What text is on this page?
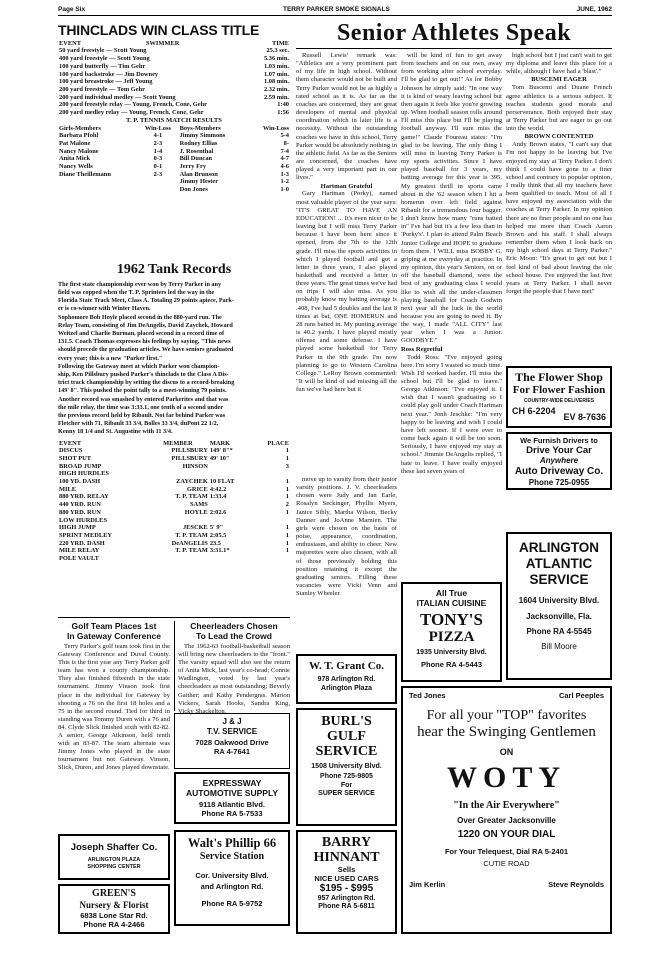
Page Six	TERRY PARKER SMOKE SIGNALS	JUNE, 1962
THINCLADS WIN CLASS TITLE
EVENT	SWIMMER	TIME
50 yard freestyle — Scott Young		25.3 sec.
400 yard freestyle — Scott Young		5.36 min.
100 yard butterfly — Tim Gehr		1.03 min.
100 yard backstroke — Jim Downey		1.07 min.
100 yard breastroke — Jeff Young		1.08 min.
200 yard freestyle — Tom Gehr		2.32 min.
200 yard individual medley — Scott Young		2.59 min.
200 yard freestyle relay — Young, French, Cone, Gehr		1:40
200 yard medley relay — Young, French, Cone, Gehr		1:56
T. P. TENNIS MATCH RESULTS
Girls-Members	Win-Loss	Boys-Members	Win-Loss
Barbara Pfohl	4-1	Jimmy Simmons	5-4
Pat Malone	2-3	Rodney Ellias	8-
Nancy Malone	1-4	J. Rosenthal	7-4
Anita Mick	0-3	Bill Duncan	4-7
Nancy Wells	0-1	Jerry Fry	4-6
Diane Theillemann	2-3	Alan Brunson	1-3
		Jimmy Hester	1-2
		Don Jones	1-0
1962 Tank Records
The first state championship ever won by Terry Parker in any
field was copped when the T. P. Sprinters led the way in the
Florida State Track Meet, Class A. Totaling 29 points apiece, Park-
er is co-winner with Winter Haven.
Sophomore Bob Hoyle placed second in the 880-yard run. The
Relay Team, consisting of Jim DeAngelis, David Zaychek, Howard
Weitzel and Charlie Burman, placed second in a record time of
131.5. Coach Thomas expresses his feelings by saying, "This news
should precede the graduation articles. We have seniors graduated
every year; this is a new "Parker first."
Following the Gateway meet at which Parker won champion-
ship, Ken Pillsbury pushed Parker's thinclads to the Class A Dis-
trict track championship by setting the discus to a record-breaking
149' 8". This pushed the point tally to a meet-winning 79 points.
Another record was smashed by entered Parkerites and that was
the mile relay, the time was 3:33.1, one tenth of a second under
the previous record held by Ribault. Not far behind Parker was
Fletcher with 71, Ribault 33 3/4, Bolles 33 3/4, duPont 22 1/2,
Kenny 18 1/4 and St. Augustine with 11 3/4.
EVENT	MEMBER	MARK	PLACE
DISCUS	PILLSBURY	149' 8"*	1
SHOT PUT	PILLSBURY	49' 10"	1
BROAD JUMP	HINSON		3
HIGH HURDLES			
100 YD. DASH	ZAYCHEK	10 FLAT	1
MILE	GRICE	4:42.2	1
880 YRD. RELAY	T. P. TEAM	1:33.4	1
440 YRD. RUN	SAMS		2
880 YRD. RUN	HOYLE	2:02.6	1
LOW HURDLES			
HIGH JUMP	JESCKE	5' 9"	1
SPRINT MEDLEY	T. P. TEAM	2:05.5	1
220 YRD. DASH	DeANGELIS	23.5	1
MILE RELAY	T. P. TEAM	3:31.1*	1
POLE VAULT			
Golf Team Places 1st
In Gateway Conference
Terry Parker's golf team took first in the Gateway Conference and Duval County. This is the first year any Terry Parker golf team has won a county championship. They also finished fifteenth in the state tournament. Jimmy Vinson took first place in the individual for Gateway by shooting a 76 on the first 18 holes and a 75 in the second round. Tied for third in standing was Tommy Duren with a 76 and 84. Clyde Slick finished sixth with 82-82. A senior, George Atkinson, held tenth with an 83-87. The team alternate was Jimmy Jones who played in the state tournament but not Gateway. Vinson, Slick, Duren, and Jones played downstate.
Cheerleaders Chosen
To Lead the Crowd
The 1962-63 football-basketball season will bring new cheerleaders to the "front." The varsity squad will also see the return of Anita Mick, last year's co-head; Connie Wadlington, voted by last year's cheerleaders as most outstanding; Beverly Gaither; and Kathy Pendergras. Marion Vickers, Sarah Hooks, Sandra King, Vicky Shackelton,
Senior Athletes Speak
Russell Lewis' remark was: "Athletics are a very prominent part of my life in high school. Without them character would not be built and Terry Parker would not be as highly a rated school as it is. As far as the coaches are concerned, they are great developers of mental and physical coordination which in later life is a necessity. Without the outstanding coaches we have in this school, Terry Parker would be absolutely nothing in the athletic field. As far as the Seniors are concerned, the coaches have played a very important part in our lives."
Hartman Grateful
Gary Hartman (Porky), named most valuable player of the year says: "IT'S GREAT TO HAVE AN EDUCATION! ... It's even nicer to be leaving but I will miss Terry Parker because I have been here since it opened, from the 7th to the 12th grade. I'll miss the sports activities in which I played football and got a letter in three years, I also played basketball and received a letter in three years. The great times we've had on trips I will also miss. As you probably know my batting average is .408, I've had 5 doubles and the last 8 times at bat, ONE HOMERUN and 28 runs batted in. My punting average is 40.2 yards. I have played mostly offense and some defense. I have played some basketball for Terry Parker in the 9th grade. I'm now planning to go to Western Carolina College." LeRoy Brown commented: "It will be kind of sad missing all the fun we've had here but it
will be kind of fun to get away from teachers and on our own, away from working after school everyday. I'll be glad to get out!" As for Bobby Johnson he simply said: "In one way it is kind of weary leaving school but then again it feels like you're growing up. When football season rolls around I'll miss this place but I'll be playing football anyway. I'll sure miss the game!" Claude Foureau states: "I'm glad to be leaving. The only thing I will miss in leaving Terry Parker is my sports activities. Since I have played baseball for 3 years, my batting average for this year is 395. My greatest thrill in sports came about in the '62 season when I hit a homerun over left field against Ribault for a tremendous four bagger. I don't know how many "runs batted in" I've had but it's a few less than in 'Porky's'. I plan to attend Palm Beach Junior College and HOPE to graduate from there. I WILL miss BOBBY G. griping at me everyday at practice. In my opinion, this year's Seniors, on or off the baseball diamond, were the best of any graduating class I would like to wish all the under-classmen playing baseball for Coach Godwin next year all the luck in the world because you are going to need it. By the way, I made "ALL CITY" last year when I was a Junior. GOODBYE."
Ross Regretful
Todd Ross: "I've enjoyed going here. I'm sorry I wasted so much time. Wish I'd worked harder. I'll miss the school but I'll be glad to leave." George Atkinson: "I've enjoyed it. I wish that I wasn't graduating so I could play golf under Coach Hartman next year." Jonh Jeschke: "I'm very happy to be leaving and wish I could have left sooner. If I were ever to come back again it will be too soon. Seriously, I have enjoyed my stay at school." Jimmie DeAngelis replied, "I hate to leave. I have really enjoyed these last seven years of
high school but I just can't wait to get my diploma and leave this place for a while, although I have had a 'blast'."
BUSCEMI EAGER
Tom Buscemi and Duane French agree athletics is a serious subject. It teaches students good morals and perserverance. Both enjoyed their stay at Terry Parker but are eager to go out into the world.
BROWN CONTENTED
Andy Brown states, "I can't say that I'm not happy to be leaving but I've enjoyed my stay at Terry Parker. I don't think I could have gone to a finer school and contrary to popular opinion, I really think that all my teachers have been qualified to teach. Most of all I have enjoyed my association with the coaches at Terry Parker. In my opinion there are no finer people and no one has helped me more than Coach Aaron Brown and his staff. I shall always remember them when I look back on my high school days at Terry Parker." Eric Moon: "It's great to get out but I feel kind of bad about leaving the ole school house. I've enjoyed the last five years at Terry Parker. I shall never forget the people that I have met"
move up to varsity from their junior varsity positions. J. V. cheerleaders chosen were Judy and Jan Earle, Rosalyn Seckinger, Phyllis Myers, Janice Sibly, Martha Wilson, Becky Danner and JoAnne Marnien. The girls were chosen on the basis of poise, appearance, coordination, enthusiasm, and ability to cheer. New majorettes were also chosen, with all of those previously holding this position retaining it except the graduating seniors. Filling these vacancies were Vicki Venn and Stanley Wheeler.
The Flower Shop
For Flower Fashion
COUNTRY-WIDE DELIVERIES
CH 6-2204
EV 8-7636
We Furnish Drivers to
Drive Your Car
Anywhere
Auto Driveway Co.
Phone 725-0955
ARLINGTON
ATLANTIC
SERVICE
1604 University Blvd.
Jacksonville, Fla.
Phone RA 4-5545
Bill Moore
All True
ITALIAN CUISINE
TONY'S
PIZZA
1935 University Blvd.
Phone RA 4-5443
W. T. Grant Co.
978 Arlington Rd.
Arlington Plaza
J & J
T.V. SERVICE
7028 Oakwood Drive
RA 4-7641
BURL'S
GULF
SERVICE
1508 University Blvd.
Phone 725-9805
For
SUPER SERVICE
EXPRESSWAY
AUTOMOTIVE SUPPLY
9118 Atlantic Blvd.
Phone RA 5-7533
Joseph Shaffer Co.
ARLINGTON PLAZA
SHOPPING CENTER
Walt's Phillip 66
Service Station
Cor. University Blvd.
and Arlington Rd.
Phone RA 5-9752
BARRY
HINNANT
Sells
NICE USED CARS
$195 - $995
957 Arlington Rd.
Phone RA 5-6811
GREEN'S
Nursery & Florist
6838 Lone Star Rd.
Phone RA 4-2466
Ted Jones	Carl Peeples
For all your "TOP" favorites
hear the Swinging Gentlemen
ON
WOTY
"In the Air Everywhere"
Over Greater Jacksonville
1220 ON YOUR DIAL
For Your Telequest, Dial RA 5-2401
CUTIE ROAD
Jim Kerlin	Steve Reynolds
